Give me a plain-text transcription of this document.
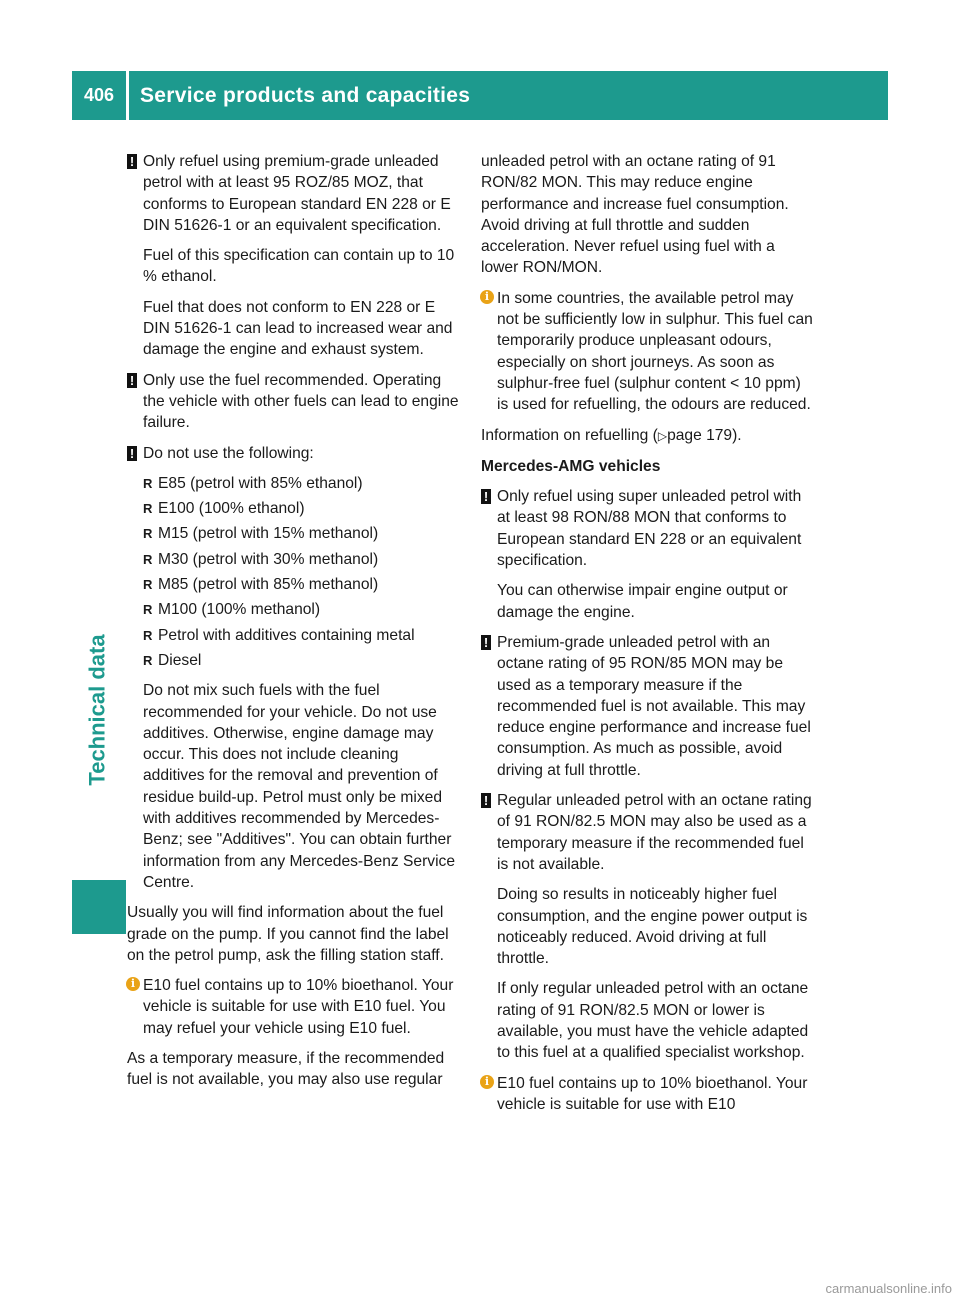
406	Service products and capacities
Technical data
! Only refuel using premium-grade unleaded petrol with at least 95 ROZ/85 MOZ, that conforms to European standard EN 228 or E DIN 51626‑1 or an equivalent specification.

Fuel of this specification can contain up to 10 % ethanol.

Fuel that does not conform to EN 228 or E DIN 51626‑1 can lead to increased wear and damage the engine and exhaust system.

! Only use the fuel recommended. Operating the vehicle with other fuels can lead to engine failure.

! Do not use the following:

R E85 (petrol with 85% ethanol)
R E100 (100% ethanol)
R M15 (petrol with 15% methanol)
R M30 (petrol with 30% methanol)
R M85 (petrol with 85% methanol)
R M100 (100% methanol)
R Petrol with additives containing metal
R Diesel

Do not mix such fuels with the fuel recommended for your vehicle. Do not use additives. Otherwise, engine damage may occur. This does not include cleaning additives for the removal and prevention of residue build-up. Petrol must only be mixed with additives recommended by Mercedes-Benz; see "Additives". You can obtain further information from any Mercedes-Benz Service Centre.

Usually you will find information about the fuel grade on the pump. If you cannot find the label on the petrol pump, ask the filling station staff.

i E10 fuel contains up to 10% bioethanol. Your vehicle is suitable for use with E10 fuel. You may refuel your vehicle using E10 fuel.

As a temporary measure, if the recommended fuel is not available, you may also use regular

unleaded petrol with an octane rating of 91 RON/82 MON. This may reduce engine performance and increase fuel consumption. Avoid driving at full throttle and sudden acceleration. Never refuel using fuel with a lower RON/MON.

i In some countries, the available petrol may not be sufficiently low in sulphur. This fuel can temporarily produce unpleasant odours, especially on short journeys. As soon as sulphur-free fuel (sulphur content < 10 ppm) is used for refuelling, the odours are reduced.

Information on refuelling (▷page 179).

Mercedes-AMG vehicles

! Only refuel using super unleaded petrol with at least 98 RON/88 MON that conforms to European standard EN 228 or an equivalent specification.

You can otherwise impair engine output or damage the engine.

! Premium-grade unleaded petrol with an octane rating of 95 RON/85 MON may be used as a temporary measure if the recommended fuel is not available. This may reduce engine performance and increase fuel consumption. As much as possible, avoid driving at full throttle.

! Regular unleaded petrol with an octane rating of 91 RON/82.5 MON may also be used as a temporary measure if the recommended fuel is not available.

Doing so results in noticeably higher fuel consumption, and the engine power output is noticeably reduced. Avoid driving at full throttle.

If only regular unleaded petrol with an octane rating of 91 RON/82.5 MON or lower is available, you must have the vehicle adapted to this fuel at a qualified specialist workshop.

i E10 fuel contains up to 10% bioethanol. Your vehicle is suitable for use with E10

carmanualsonline.info
